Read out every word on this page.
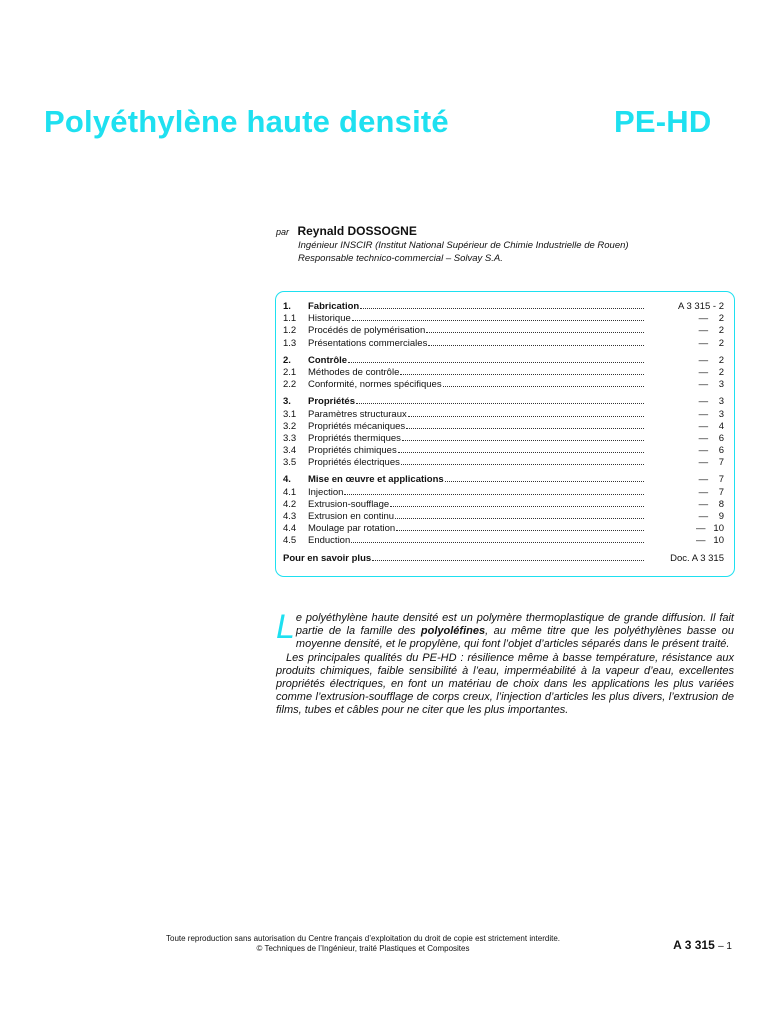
Polyéthylène haute densité	PE-HD
par Reynald DOSSOGNE
Ingénieur INSCIR (Institut National Supérieur de Chimie Industrielle de Rouen)
Responsable technico-commercial – Solvay S.A.
1.	Fabrication	A 3 315 - 2
1.1	Historique	—    2
1.2	Procédés de polymérisation	—    2
1.3	Présentations commerciales	—    2
2.	Contrôle	—    2
2.1	Méthodes de contrôle	—    2
2.2	Conformité, normes spécifiques	—    3
3.	Propriétés	—    3
3.1	Paramètres structuraux	—    3
3.2	Propriétés mécaniques	—    4
3.3	Propriétés thermiques	—    6
3.4	Propriétés chimiques	—    6
3.5	Propriétés électriques	—    7
4.	Mise en œuvre et applications	—    7
4.1	Injection	—    7
4.2	Extrusion-soufflage	—    8
4.3	Extrusion en continu	—    9
4.4	Moulage par rotation	—   10
4.5	Enduction	—   10
Pour en savoir plus	Doc. A 3 315

Le polyéthylène haute densité est un polymère thermoplastique de grande diffusion. Il fait partie de la famille des polyoléfines, au même titre que les polyéthylènes basse ou moyenne densité, et le propylène, qui font l’objet d’articles séparés dans le présent traité.

Les principales qualités du PE-HD : résilience même à basse température, résistance aux produits chimiques, faible sensibilité à l’eau, imperméabilité à la vapeur d’eau, excellentes propriétés électriques, en font un matériau de choix dans les applications les plus variées comme l’extrusion-soufflage de corps creux, l’injection d’articles les plus divers, l’extrusion de films, tubes et câbles pour ne citer que les plus importantes.

Toute reproduction sans autorisation du Centre français d’exploitation du droit de copie est strictement interdite.
© Techniques de l’Ingénieur, traité Plastiques et Composites	A 3 315 – 1
